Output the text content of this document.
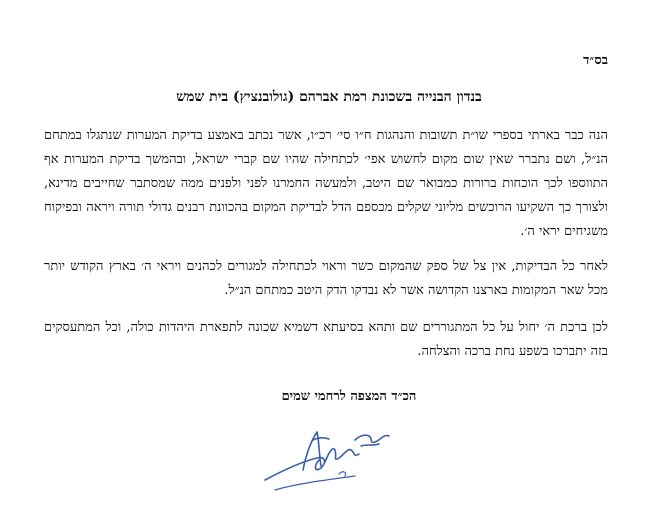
בס״ד
בנדון הבנייה בשכונת רמת אברהם (גולובנציץ) בית שמש

הנה כבר בארתי בספרי שו״ת תשובות והנהגות ח״ו סי׳ רכ״ו, אשר נכתב באמצע בדיקת המערות שנתגלו במתחם הנ״ל, ושם נתברר שאין שום מקום לחשוש אפי׳ לכתחילה שהיו שם קברי ישראל, ובהמשך בדיקת המערות אף התווספו לכך הוכחות ברורות כמבואר שם היטב, ולמעשה החמרנו לפני ולפנים ממה שמסתבר שחייבים מדינא, ולצורך כך השקיעו הרוכשים מליוני שקלים מכספם הדל לבדיקת המקום בהכוונת רבנים גדולי תורה ויראה ובפיקוח משגיחים יראי ה׳.

לאחר כל הבדיקות, אין צל של ספק שהמקום כשר וראוי לכתחילה למגורים לכהנים ויראי ה׳ בארץ הקודש יותר מכל שאר המקומות בארצנו הקדושה אשר לא נבדקו הדק היטב כמתחם הנ״ל.

לכן ברכת ה׳ יחול על כל המתגוררים שם ותהא בסיעתא דשמיא שכונה לתפארת היהדות כולה, וכל המתעסקים בזה יתברכו בשפע נחת ברכה והצלחה.

הכ״ד המצפה לרחמי שמים
